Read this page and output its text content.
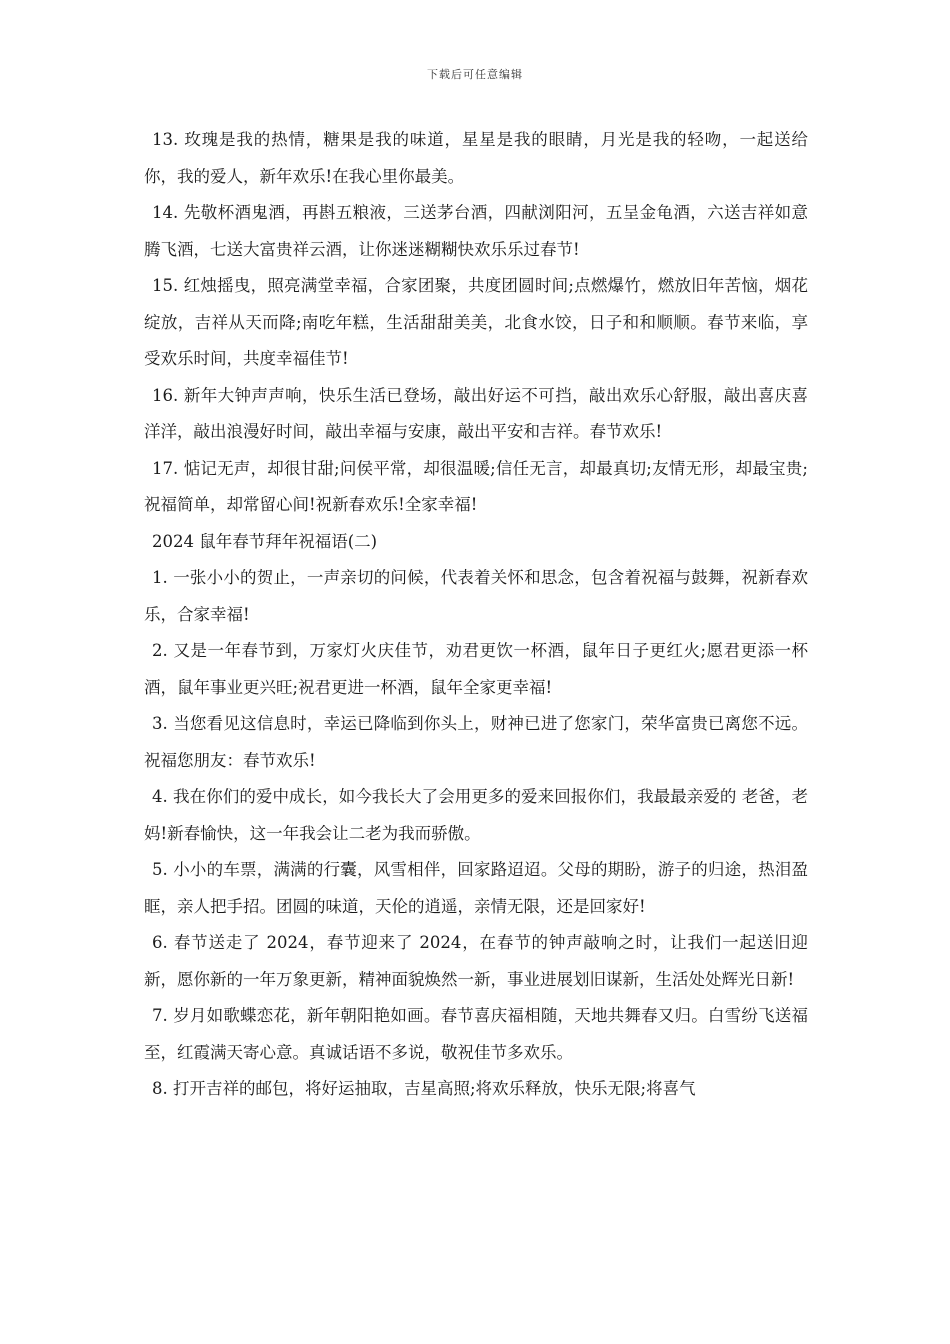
下载后可任意编辑

13. 玫瑰是我的热情，糖果是我的味道，星星是我的眼睛，月光是我的轻吻，一起送给你，我的爱人，新年欢乐!在我心里你最美。

14. 先敬杯酒鬼酒，再斟五粮液，三送茅台酒，四献浏阳河，五呈金龟酒，六送吉祥如意腾飞酒，七送大富贵祥云酒，让你迷迷糊糊快欢乐乐过春节!

15. 红烛摇曳，照亮满堂幸福，合家团聚，共度团圆时间;点燃爆竹，燃放旧年苦恼，烟花绽放，吉祥从天而降;南吃年糕，生活甜甜美美，北食水饺，日子和和顺顺。春节来临，享受欢乐时间，共度幸福佳节!

16. 新年大钟声声响，快乐生活已登场，敲出好运不可挡，敲出欢乐心舒服，敲出喜庆喜洋洋，敲出浪漫好时间，敲出幸福与安康，敲出平安和吉祥。春节欢乐!

17. 惦记无声，却很甘甜;问侯平常，却很温暖;信任无言，却最真切;友情无形，却最宝贵;祝福简单，却常留心间!祝新春欢乐!全家幸福!

2024 鼠年春节拜年祝福语(二)

1. 一张小小的贺止，一声亲切的问候，代表着关怀和思念，包含着祝福与鼓舞，祝新春欢乐，合家幸福!

2. 又是一年春节到，万家灯火庆佳节，劝君更饮一杯酒，鼠年日子更红火;愿君更添一杯酒，鼠年事业更兴旺;祝君更进一杯酒，鼠年全家更幸福!

3. 当您看见这信息时，幸运已降临到你头上，财神已进了您家门，荣华富贵已离您不远。祝福您朋友：春节欢乐!

4. 我在你们的爱中成长，如今我长大了会用更多的爱来回报你们，我最最亲爱的 老爸，老妈!新春愉快，这一年我会让二老为我而骄傲。

5. 小小的车票，满满的行囊，风雪相伴，回家路迢迢。父母的期盼，游子的归途，热泪盈眶，亲人把手招。团圆的味道，天伦的逍遥，亲情无限，还是回家好!

6. 春节送走了 2024，春节迎来了 2024，在春节的钟声敲响之时，让我们一起送旧迎新，愿你新的一年万象更新，精神面貌焕然一新，事业进展划旧谋新，生活处处辉光日新!

7. 岁月如歌蝶恋花，新年朝阳艳如画。春节喜庆福相随，天地共舞春又归。白雪纷飞送福至，红霞满天寄心意。真诚话语不多说，敬祝佳节多欢乐。

8. 打开吉祥的邮包，将好运抽取，吉星高照;将欢乐释放，快乐无限;将喜气
